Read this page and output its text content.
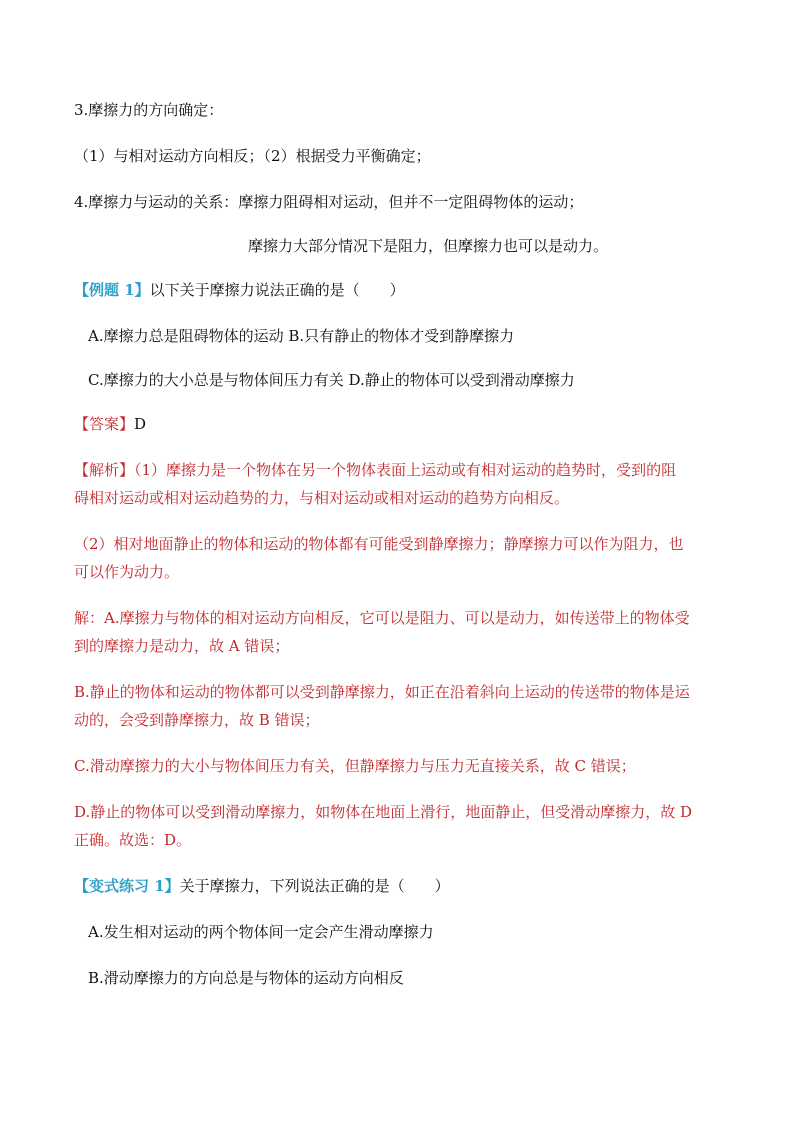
3.摩擦力的方向确定：
（1）与相对运动方向相反；（2）根据受力平衡确定；
4.摩擦力与运动的关系：摩擦力阻碍相对运动，但并不一定阻碍物体的运动；
摩擦力大部分情况下是阻力，但摩擦力也可以是动力。
【例题 1】以下关于摩擦力说法正确的是（　　）
A.摩擦力总是阻碍物体的运动 B.只有静止的物体才受到静摩擦力
C.摩擦力的大小总是与物体间压力有关 D.静止的物体可以受到滑动摩擦力
【答案】D
【解析】（1）摩擦力是一个物体在另一个物体表面上运动或有相对运动的趋势时，受到的阻
碍相对运动或相对运动趋势的力，与相对运动或相对运动的趋势方向相反。
（2）相对地面静止的物体和运动的物体都有可能受到静摩擦力；静摩擦力可以作为阻力，也
可以作为动力。
解：A.摩擦力与物体的相对运动方向相反，它可以是阻力、可以是动力，如传送带上的物体受
到的摩擦力是动力，故 A 错误；
B.静止的物体和运动的物体都可以受到静摩擦力，如正在沿着斜向上运动的传送带的物体是运
动的，会受到静摩擦力，故 B 错误；
C.滑动摩擦力的大小与物体间压力有关，但静摩擦力与压力无直接关系，故 C 错误；
D.静止的物体可以受到滑动摩擦力，如物体在地面上滑行，地面静止，但受滑动摩擦力，故 D
正确。故选：D。
【变式练习 1】关于摩擦力，下列说法正确的是（　　）
A.发生相对运动的两个物体间一定会产生滑动摩擦力
B.滑动摩擦力的方向总是与物体的运动方向相反
